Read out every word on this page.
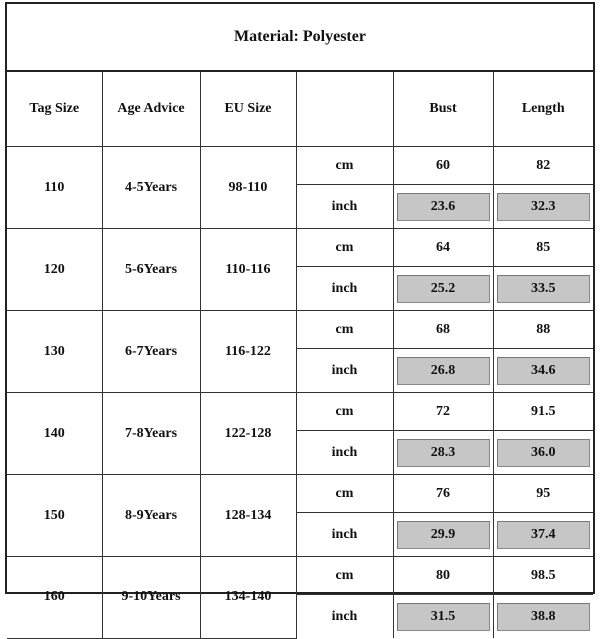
Material: Polyester
Tag Size	Age Advice	EU Size		Bust	Length
110	4-5Years	98-110	cm	60	82
			inch	23.6	32.3

120	5-6Years	110-116	cm	64	85
			inch	25.2	33.5

130	6-7Years	116-122	cm	68	88
			inch	26.8	34.6

140	7-8Years	122-128	cm	72	91.5
			inch	28.3	36.0

150	8-9Years	128-134	cm	76	95
			inch	29.9	37.4

160	9-10Years	134-140	cm	80	98.5
			inch	31.5	38.8
